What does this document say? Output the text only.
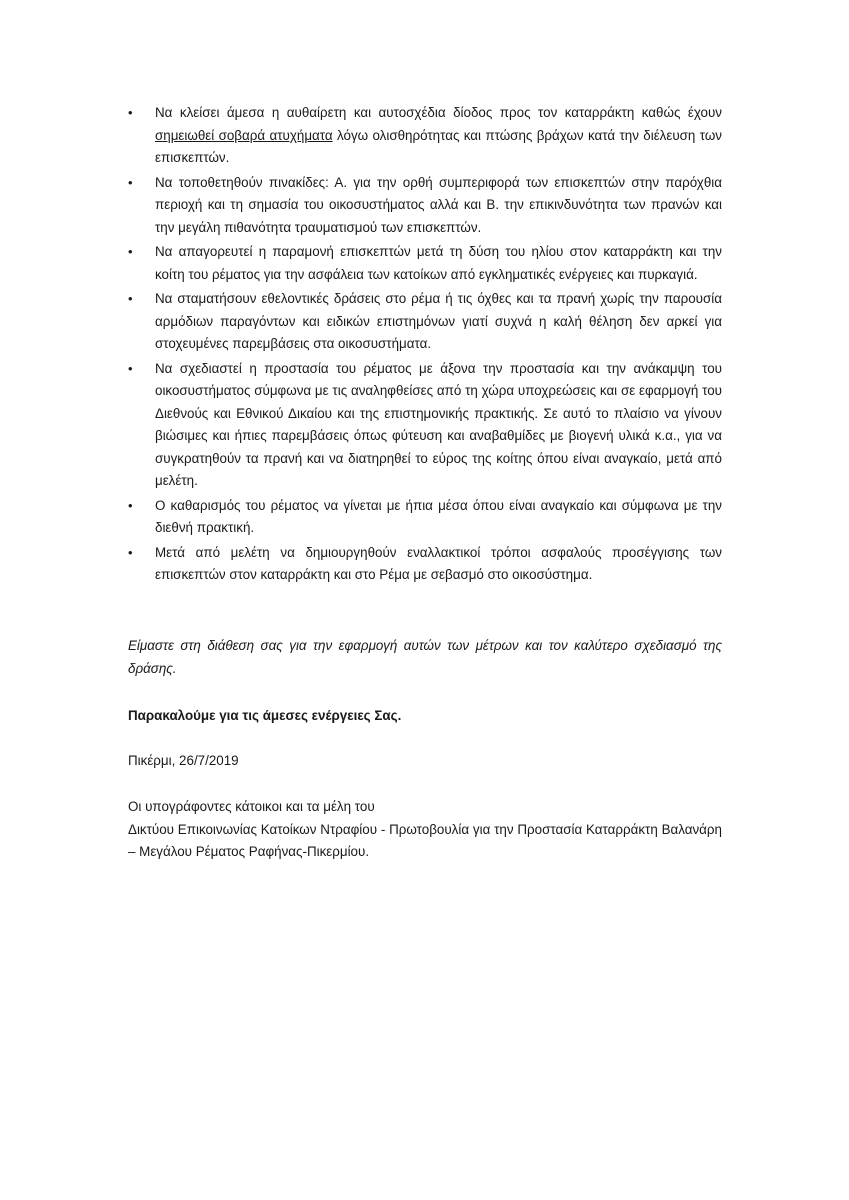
•	Να κλείσει άμεσα η αυθαίρετη και αυτοσχέδια δίοδος προς τον καταρράκτη καθώς έχουν σημειωθεί σοβαρά ατυχήματα λόγω ολισθηρότητας και πτώσης βράχων κατά την διέλευση των επισκεπτών.
•	Να τοποθετηθούν πινακίδες: Α. για την ορθή συμπεριφορά των επισκεπτών στην παρόχθια περιοχή και τη σημασία του οικοσυστήματος αλλά και Β. την επικινδυνότητα των πρανών και την μεγάλη πιθανότητα τραυματισμού των επισκεπτών.
•	Να απαγορευτεί η παραμονή επισκεπτών μετά τη δύση του ηλίου στον καταρράκτη και την κοίτη του ρέματος για την ασφάλεια των κατοίκων από εγκληματικές ενέργειες και πυρκαγιά.
•	Να σταματήσουν εθελοντικές δράσεις στο ρέμα ή τις όχθες και τα πρανή χωρίς την παρουσία αρμόδιων παραγόντων και ειδικών επιστημόνων γιατί συχνά η καλή θέληση δεν αρκεί για στοχευμένες παρεμβάσεις στα οικοσυστήματα.
•	Να σχεδιαστεί η προστασία του ρέματος με άξονα την προστασία και την ανάκαμψη του οικοσυστήματος σύμφωνα με τις αναληφθείσες από τη χώρα υποχρεώσεις και σε εφαρμογή του Διεθνούς και Εθνικού Δικαίου και της επιστημονικής πρακτικής. Σε αυτό το πλαίσιο να γίνουν βιώσιμες και ήπιες παρεμβάσεις όπως φύτευση και αναβαθμίδες με βιογενή υλικά κ.α., για να συγκρατηθούν τα πρανή και να διατηρηθεί το εύρος της κοίτης όπου είναι αναγκαίο, μετά από μελέτη.
•	Ο καθαρισμός του ρέματος να γίνεται με ήπια μέσα όπου είναι αναγκαίο και σύμφωνα με την διεθνή πρακτική.
•	Μετά από μελέτη να δημιουργηθούν εναλλακτικοί τρόποι ασφαλούς προσέγγισης των επισκεπτών στον καταρράκτη και στο Ρέμα με σεβασμό στο οικοσύστημα.

Είμαστε στη διάθεση σας για την εφαρμογή αυτών των μέτρων και τον καλύτερο σχεδιασμό της δράσης.

Παρακαλούμε για τις άμεσες ενέργειες Σας.

Πικέρμι, 26/7/2019

Οι υπογράφοντες κάτοικοι και τα μέλη του
Δικτύου Επικοινωνίας Κατοίκων Ντραφίου - Πρωτοβουλία για την Προστασία Καταρράκτη Βαλανάρη – Μεγάλου Ρέματος Ραφήνας-Πικερμίου.
